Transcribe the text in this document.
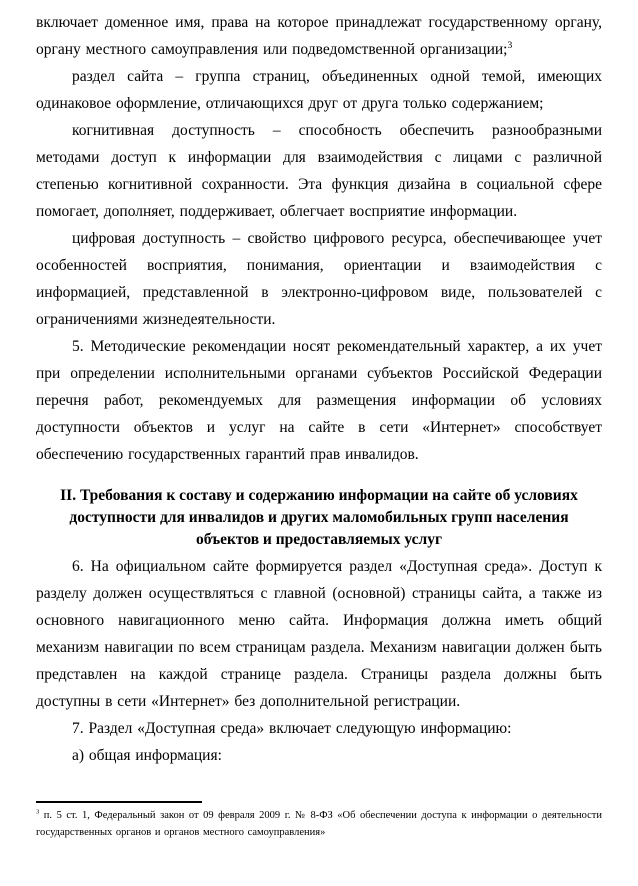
включает доменное имя, права на которое принадлежат государственному органу, органу местного самоуправления или подведомственной организации;$^3$

раздел сайта – группа страниц, объединенных одной темой, имеющих одинаковое оформление, отличающихся друг от друга только содержанием;

когнитивная доступность – способность обеспечить разнообразными методами доступ к информации для взаимодействия с лицами с различной степенью когнитивной сохранности. Эта функция дизайна в социальной сфере помогает, дополняет, поддерживает, облегчает восприятие информации.

цифровая доступность – свойство цифрового ресурса, обеспечивающее учет особенностей восприятия, понимания, ориентации и взаимодействия с информацией, представленной в электронно-цифровом виде, пользователей с ограничениями жизнедеятельности.

5. Методические рекомендации носят рекомендательный характер, а их учет при определении исполнительными органами субъектов Российской Федерации перечня работ, рекомендуемых для размещения информации об условиях доступности объектов и услуг на сайте в сети «Интернет» способствует обеспечению государственных гарантий прав инвалидов.

II. Требования к составу и содержанию информации на сайте об условиях доступности для инвалидов и других маломобильных групп населения объектов и предоставляемых услуг

6. На официальном сайте формируется раздел «Доступная среда». Доступ к разделу должен осуществляться с главной (основной) страницы сайта, а также из основного навигационного меню сайта. Информация должна иметь общий механизм навигации по всем страницам раздела. Механизм навигации должен быть представлен на каждой странице раздела. Страницы раздела должны быть доступны в сети «Интернет» без дополнительной регистрации.

7. Раздел «Доступная среда» включает следующую информацию:

а) общая информация:

$^3$ п. 5 ст. 1, Федеральный закон от 09 февраля 2009 г. № 8-ФЗ «Об обеспечении доступа к информации о деятельности государственных органов и органов местного самоуправления»
